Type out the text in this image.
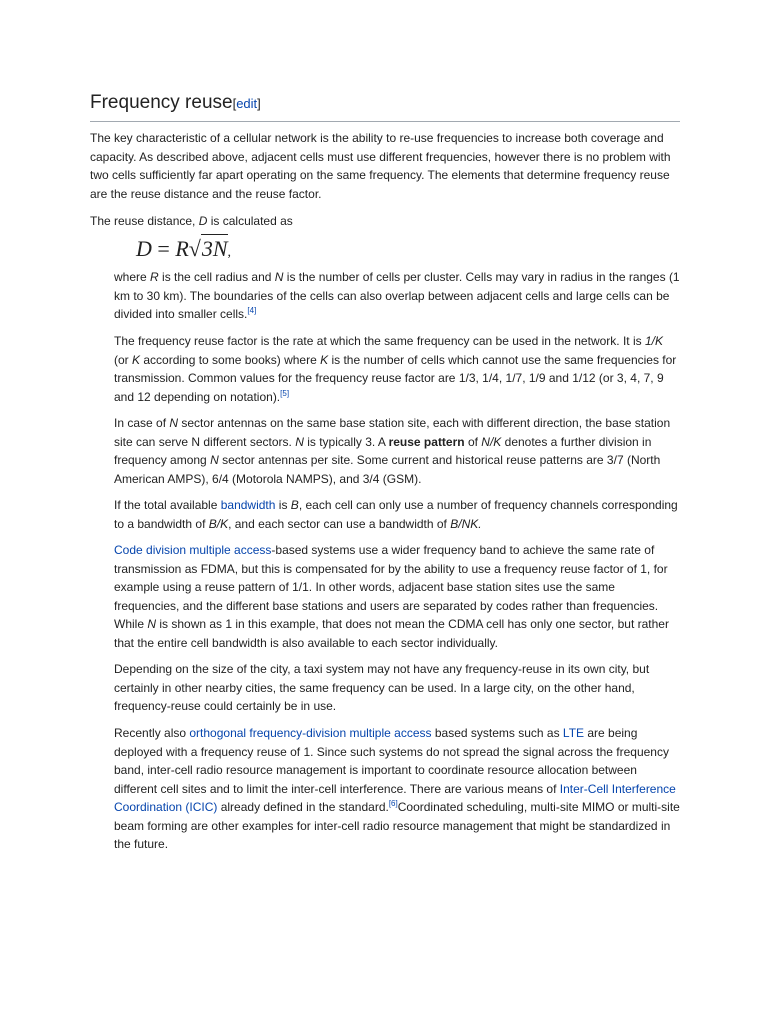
Frequency reuse[edit]

The key characteristic of a cellular network is the ability to re-use frequencies to increase both coverage and capacity. As described above, adjacent cells must use different frequencies, however there is no problem with two cells sufficiently far apart operating on the same frequency. The elements that determine frequency reuse are the reuse distance and the reuse factor.

The reuse distance, D is calculated as

D = R√3N,

where R is the cell radius and N is the number of cells per cluster. Cells may vary in radius in the ranges (1 km to 30 km). The boundaries of the cells can also overlap between adjacent cells and large cells can be divided into smaller cells.[4]

The frequency reuse factor is the rate at which the same frequency can be used in the network. It is 1/K (or K according to some books) where K is the number of cells which cannot use the same frequencies for transmission. Common values for the frequency reuse factor are 1/3, 1/4, 1/7, 1/9 and 1/12 (or 3, 4, 7, 9 and 12 depending on notation).[5]

In case of N sector antennas on the same base station site, each with different direction, the base station site can serve N different sectors. N is typically 3. A reuse pattern of N/K denotes a further division in frequency among N sector antennas per site. Some current and historical reuse patterns are 3/7 (North American AMPS), 6/4 (Motorola NAMPS), and 3/4 (GSM).

If the total available bandwidth is B, each cell can only use a number of frequency channels corresponding to a bandwidth of B/K, and each sector can use a bandwidth of B/NK.

Code division multiple access-based systems use a wider frequency band to achieve the same rate of transmission as FDMA, but this is compensated for by the ability to use a frequency reuse factor of 1, for example using a reuse pattern of 1/1. In other words, adjacent base station sites use the same frequencies, and the different base stations and users are separated by codes rather than frequencies. While N is shown as 1 in this example, that does not mean the CDMA cell has only one sector, but rather that the entire cell bandwidth is also available to each sector individually.

Depending on the size of the city, a taxi system may not have any frequency-reuse in its own city, but certainly in other nearby cities, the same frequency can be used. In a large city, on the other hand, frequency-reuse could certainly be in use.

Recently also orthogonal frequency-division multiple access based systems such as LTE are being deployed with a frequency reuse of 1. Since such systems do not spread the signal across the frequency band, inter-cell radio resource management is important to coordinate resource allocation between different cell sites and to limit the inter-cell interference. There are various means of Inter-Cell Interference Coordination (ICIC) already defined in the standard.[6]Coordinated scheduling, multi-site MIMO or multi-site beam forming are other examples for inter-cell radio resource management that might be standardized in the future.
